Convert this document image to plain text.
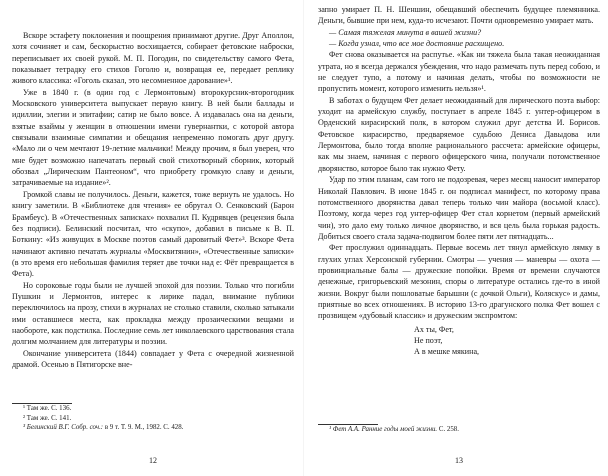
Вскоре эстафету поклонения и поощрения принимают другие. Друг Аполлон, хотя сочиняет и сам, бескорыстно восхищается, собирает фетовские наброски, переписывает их своей рукой. М. П. Погодин, по свидетельству самого Фета, показывает тетрадку его стихов Гоголю и, возвращая ее, передает реплику живого классика: «Гоголь сказал, это несомненное дарование»¹.

Уже в 1840 г. (в один год с Лермонтовым) второкурсник-второгодник Московского университета выпускает первую книгу. В ней были баллады и идиллии, элегии и эпитафии; сатир не было вовсе. А издавалась она на деньги, взятые взаймы у женщин в отношении имени гувернантки, с которой автора связывали взаимные симпатии и обещания непременно помогать друг другу. «Мало ли о чем мечтают 19-летние мальчики! Между прочим, я был уверен, что мне будет возможно напечатать первый свой стихотворный сборник, который обозвал „Лирическим Пантеоном“, что приобрету громкую славу и деньги, затрачиваемые на издание»².

Громкой славы не получилось. Деньги, кажется, тоже вернуть не удалось. Но книгу заметили. В «Библиотеке для чтения» ее обругал О. Сенковский (Барон Брамбеус). В «Отечественных записках» похвалил П. Кудрявцев (рецензия была без подписи). Белинский посчитал, что «скупо», добавил в письме к В. П. Боткину: «Из живущих в Москве поэтов самый даровитый Фет»³. Вскоре Фета начинают активно печатать журналы «Москвитянин», «Отечественные записки» (в это время его небольшая фамилия теряет две точки над е: Фёт превращается в Фета).

Но сороковые годы были не лучшей эпохой для поэзии. Только что погибли Пушкин и Лермонтов, интерес к лирике падал, внимание публики переключилось на прозу, стихи в журналах не столько ставили, сколько затыкали ими оставшиеся места, как прокладка между прозаическими вещами и наобороте, как подстилка. Последние семь лет николаевского царствования стала долгим молчанием для литературы и поэзии.

Окончание университета (1844) совпадает у Фета с очередной жизненной драмой. Осенью в Пятигорске вне-

¹ Там же. С. 136.

² Там же. С. 141.

³ Белинский В.Г. Собр. соч.: в 9 т. Т. 9. М., 1982. С. 428.

12

запно умирает П. Н. Шеншин, обещавший обеспечить будущее племянника. Деньги, бывшие при нем, куда-то исчезают. Почти одновременно умирает мать.

— Самая тяжелая минута в вашей жизни?

— Когда узнал, что все мое достояние расхищено.

Фет снова оказывается на распутье. «Как ни тяжела была такая неожиданная утрата, но я всегда держался убеждения, что надо размечать путь перед собою, и не следует тупо, а потому и начиная делать, чтобы по возможности не пропустить момент, которого изменить нельзя»¹.

В заботах о будущем Фет делает неожиданный для лирического поэта выбор: уходит на армейскую службу, поступает в апреле 1845 г. унтер-офицером в Орденский кирасирский полк, в котором служил друг детства И. Борисов. Фетовское кирасирство, предваряемое судьбою Дениса Давыдова или Лермонтова, было тогда вполне рационального рассчета: армейские офицеры, как мы знаем, начиная с первого офицерского чина, получали потомственное дворянство, которое было так нужно Фету.

Удар по этим планам, сам того не подозревая, через месяц наносит император Николай Павлович. В июне 1845 г. он подписал манифест, по которому права потомственного дворянства давал теперь только чин майора (восьмой класс). Поэтому, когда через год унтер-офицер Фет стал корнетом (первый армейский чин), это дало ему только личное дворянство, и вся цель была горькая радость. Добиться своего стала задача-подвигом более пяти лет пятнадцать...

Фет прослужил одиннадцать. Первые восемь лет тянул армейскую лямку в глухих углах Херсонской губернии. Смотры — учения — маневры — охота — провинциальные балы — дружеские попойки. Время от времени случаются денежные, григорьевский мезонин, споры о литературе остались где-то в иной жизни. Вокруг были пошловатые барышни (с дочкой Ольги), Коляскус» и дамы, приятные во всех отношениях. В историю 13-го драгунского полка Фет вошел с прозвищем «дубовый классик» и дружеским экспромтом:

Ах ты, Фет,
Не поэт,
А в мешке мякина,

¹ Фет А.А. Ранние годы моей жизни. С. 258.

13
